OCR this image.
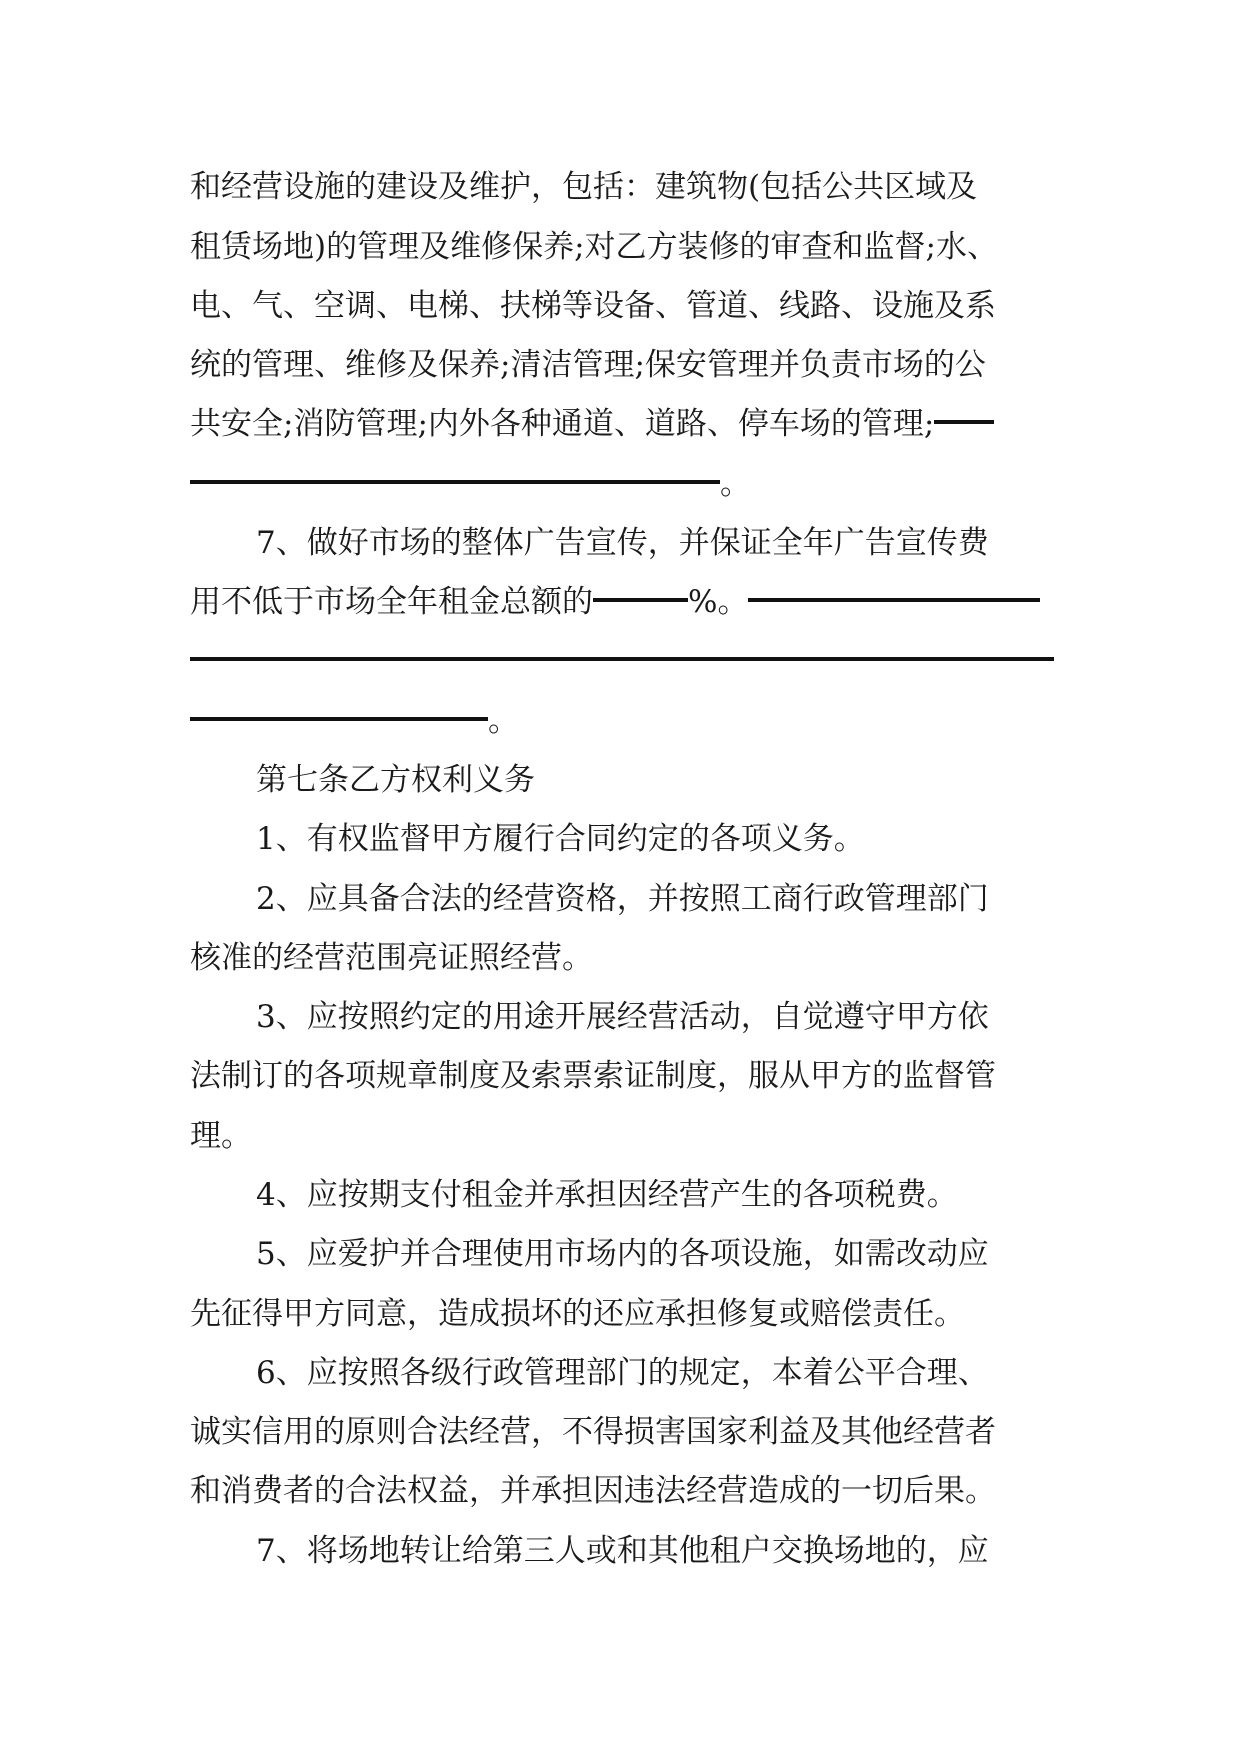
和经营设施的建设及维护，包括：建筑物(包括公共区域及
租赁场地)的管理及维修保养;对乙方装修的审查和监督;水、
电、气、空调、电梯、扶梯等设备、管道、线路、设施及系
统的管理、维修及保养;清洁管理;保安管理并负责市场的公
共安全;消防管理;内外各种通道、道路、停车场的管理;
。
7、做好市场的整体广告宣传，并保证全年广告宣传费
用不低于市场全年租金总额的	%。
。
第七条乙方权利义务
1、有权监督甲方履行合同约定的各项义务。
2、应具备合法的经营资格，并按照工商行政管理部门
核准的经营范围亮证照经营。
3、应按照约定的用途开展经营活动，自觉遵守甲方依
法制订的各项规章制度及索票索证制度，服从甲方的监督管
理。
4、应按期支付租金并承担因经营产生的各项税费。
5、应爱护并合理使用市场内的各项设施，如需改动应
先征得甲方同意，造成损坏的还应承担修复或赔偿责任。
6、应按照各级行政管理部门的规定，本着公平合理、
诚实信用的原则合法经营，不得损害国家利益及其他经营者
和消费者的合法权益，并承担因违法经营造成的一切后果。
7、将场地转让给第三人或和其他租户交换场地的，应
